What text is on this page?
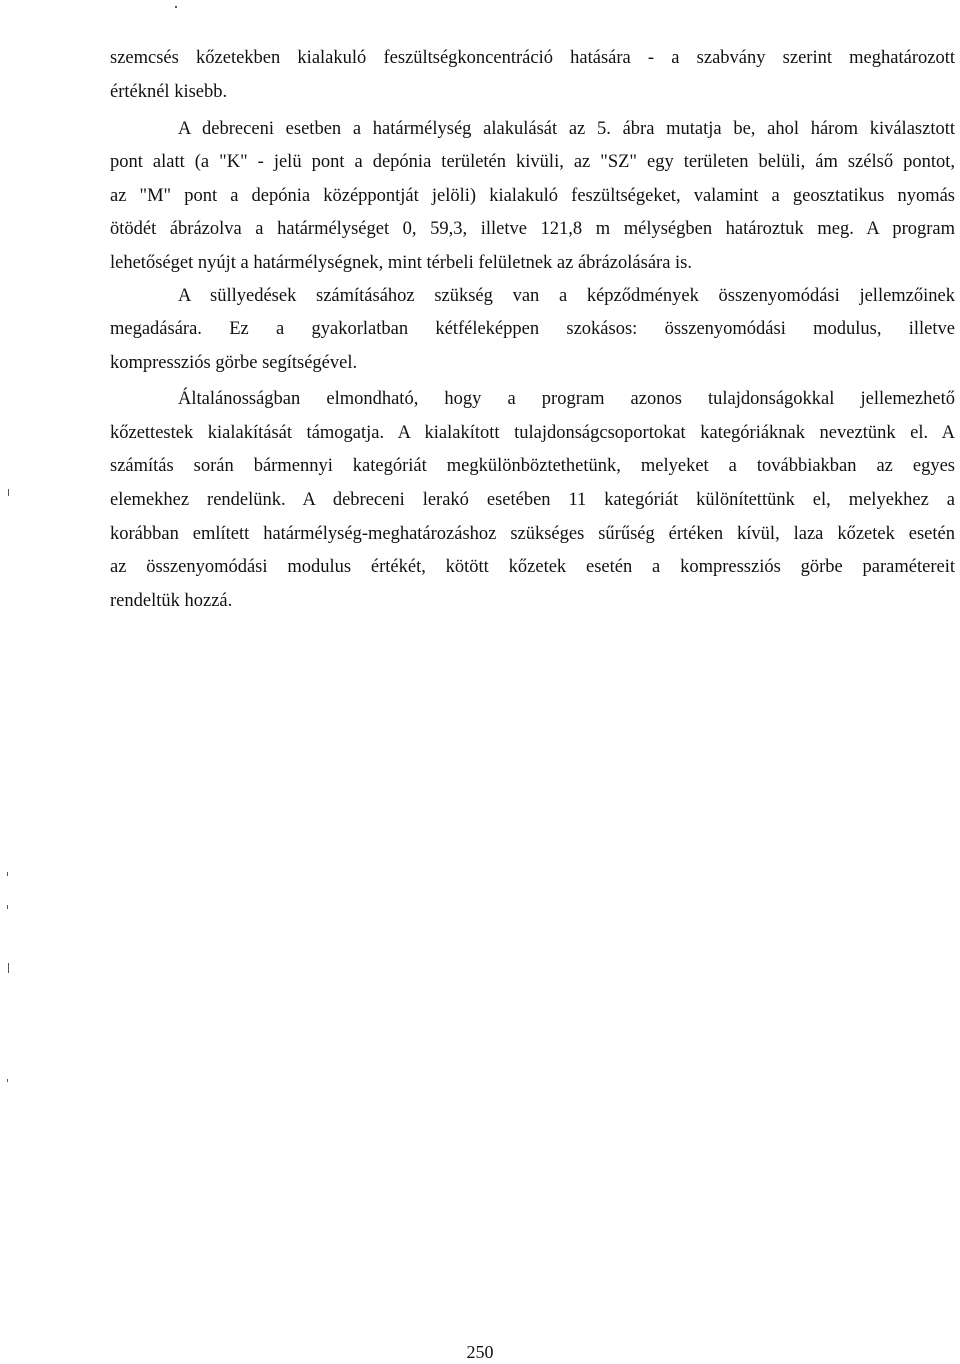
szemcsés kőzetekben kialakuló feszültségkoncentráció hatására - a szabvány szerint meghatározott
értéknél kisebb.
A debreceni esetben a határmélység alakulását az 5. ábra mutatja be, ahol három kiválasztott
pont alatt (a "K" - jelü pont a depónia területén kivüli, az "SZ" egy területen belüli, ám szélső pontot,
az "M" pont a depónia középpontját jelöli) kialakuló feszültségeket, valamint a geosztatikus nyomás
ötödét ábrázolva a határmélységet 0, 59,3, illetve 121,8 m mélységben határoztuk meg. A program
lehetőséget nyújt a határmélységnek, mint térbeli felületnek az ábrázolására is.
A süllyedések számításához szükség van a képződmények összenyomódási jellemzőinek
megadására. Ez a gyakorlatban kétféleképpen szokásos: összenyomódási modulus, illetve
kompressziós görbe segítségével.
Általánosságban elmondható, hogy a program azonos tulajdonságokkal jellemezhető
kőzettestek kialakítását támogatja. A kialakított tulajdonságcsoportokat kategóriáknak neveztünk el. A
számítás során bármennyi kategóriát megkülönböztethetünk, melyeket a továbbiakban az egyes
elemekhez rendelünk. A debreceni lerakó esetében 11 kategóriát különítettünk el, melyekhez a
korábban említett határmélység-meghatározáshoz szükséges sűrűség értéken kívül, laza kőzetek esetén
az összenyomódási modulus értékét, kötött kőzetek esetén a kompressziós görbe paramétereit
rendeltük hozzá.
250
